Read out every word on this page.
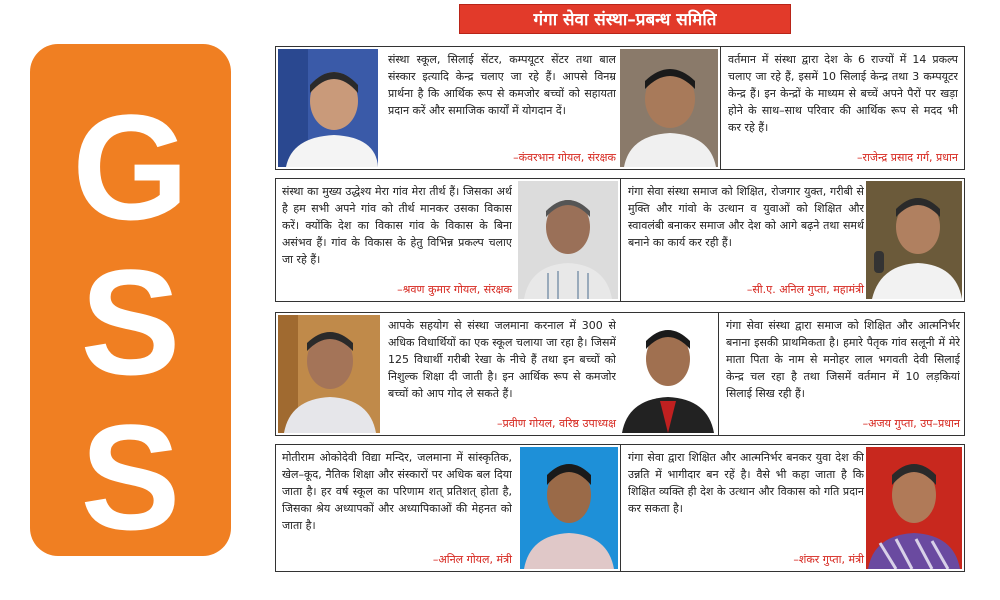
G
S
S
गंगा सेवा संस्था–प्रबन्ध समिति
संस्था स्कूल, सिलाई सेंटर, कम्पयूटर सेंटर तथा बाल संस्कार इत्यादि केन्द्र चलाए जा रहे हैं। आपसे विनम्र प्रार्थना है कि आर्थिक रूप से कमजोर बच्चों को सहायता प्रदान करें और समाजिक कार्यों में योगदान दें।
–कंवरभान गोयल, संरक्षक
वर्तमान में संस्था द्वारा देश के 6 राज्यों में 14 प्रकल्प चलाए जा रहे हैं, इसमें 10 सिलाई केन्द्र तथा 3 कम्पयूटर केन्द्र हैं। इन केन्द्रों के माध्यम से बच्चें अपने पैरों पर खड़ा होने के साथ–साथ परिवार की आर्थिक रूप से मदद भी कर रहे हैं।
–राजेन्द्र प्रसाद गर्ग, प्रधान
संस्था का मुख्य उद्धेश्य मेरा गांव मेरा तीर्थ हैं। जिसका अर्थ है हम सभी अपने गांव को तीर्थ मानकर उसका विकास करें। क्योंकि देश का विकास गांव के विकास के बिना असंभव हैं। गांव के विकास के हेतु विभिन्न प्रकल्प चलाए जा रहे हैं।
–श्रवण कुमार गोयल, संरक्षक
गंगा सेवा संस्था समाज को शिक्षित, रोजगार युक्त, गरीबी से मुक्ति और गांवो के उत्थान व युवाओं को शिक्षित और स्वावलंबी बनाकर समाज और देश को आगे बढ़ने तथा समर्थ बनाने का कार्य कर रही हैं।
–सी.ए. अनिल गुप्ता, महामंत्री
आपके सहयोग से संस्था जलमाना करनाल में 300 से अधिक विधार्थियों का एक स्कूल चलाया जा रहा है। जिसमें 125 विधार्थी गरीबी रेखा के नीचे हैं तथा इन बच्चों को निशुल्क शिक्षा दी जाती है। इन आर्थिक रूप से कमजोर बच्चों को आप गोद ले सकते हैं।
–प्रवीण गोयल, वरिष्ठ उपाध्यक्ष
गंगा सेवा संस्था द्वारा समाज को शिक्षित और आत्मनिर्भर बनाना इसकी प्राथमिकता है। हमारे पैतृक गांव सलूनी में मेरे माता पिता के नाम से मनोहर लाल भगवती देवी सिलाई केन्द्र चल रहा है तथा जिसमें वर्तमान में 10 लड़कियां सिलाई सिख रही हैं।
–अजय गुप्ता, उप–प्रधान
मोतीराम ओकोदेवी विद्या मन्दिर, जलमाना में सांस्कृतिक, खेल–कूद, नैतिक शिक्षा और संस्कारों पर अधिक बल दिया जाता है। हर वर्ष स्कूल का परिणाम शत् प्रतिशत् होता है, जिसका श्रेय अध्यापकों और अध्यापिकाओं की मेहनत को जाता है।
–अनिल गोयल, मंत्री
गंगा सेवा द्वारा शिक्षित और आत्मनिर्भर बनकर युवा देश की उन्नति में भागीदार बन रहें है। वैसे भी कहा जाता है कि शिक्षित व्यक्ति ही देश के उत्थान और विकास को गति प्रदान कर सकता है।
–शंकर गुप्ता, मंत्री
